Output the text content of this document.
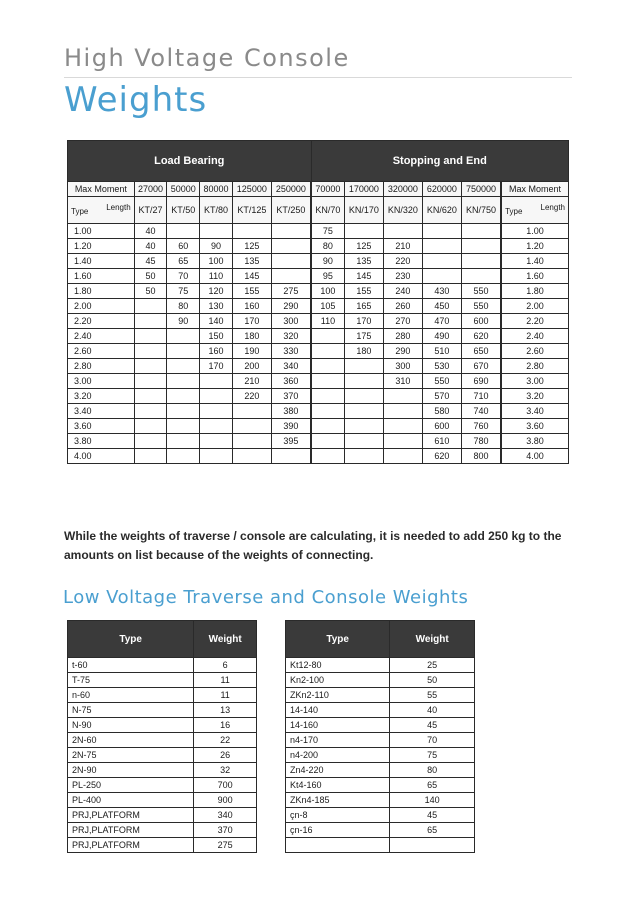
High Voltage Console
Weights
Load Bearing						Stopping and End					
Max Moment	27000	50000	80000	125000	250000	70000	170000	320000	620000	750000	Max Moment

Length
Type	KT/27	KT/50	KT/80	KT/125	KT/250	KN/70	KN/170	KN/320	KN/620	KN/750	Length
Type

1.00	40					75					1.00
1.20	40	60	90	125		80	125	210			1.20
1.40	45	65	100	135		90	135	220			1.40
1.60	50	70	110	145		95	145	230			1.60
1.80	50	75	120	155	275	100	155	240	430	550	1.80
2.00		80	130	160	290	105	165	260	450	550	2.00
2.20		90	140	170	300	110	170	270	470	600	2.20
2.40			150	180	320		175	280	490	620	2.40
2.60			160	190	330		180	290	510	650	2.60
2.80			170	200	340			300	530	670	2.80
3.00				210	360			310	550	690	3.00
3.20				220	370				570	710	3.20
3.40					380				580	740	3.40
3.60					390				600	760	3.60
3.80					395				610	780	3.80
4.00									620	800	4.00
While the weights of traverse / console are calculating, it is needed to add 250 kg to the amounts on list because of the weights of connecting.
Low Voltage Traverse and Console Weights
Type	Weight
t-60	6
T-75	11
n-60	11
N-75	13
N-90	16
2N-60	22
2N-75	26
2N-90	32
PL-250	700
PL-400	900
PRJ,PLATFORM	340
PRJ,PLATFORM	370
PRJ,PLATFORM	275
Type	Weight
Kt12-80	25
Kn2-100	50
ZKn2-110	55
14-140	40
14-160	45
n4-170	70
n4-200	75
Zn4-220	80
Kt4-160	65
ZKn4-185	140
çn-8	45
çn-16	65
